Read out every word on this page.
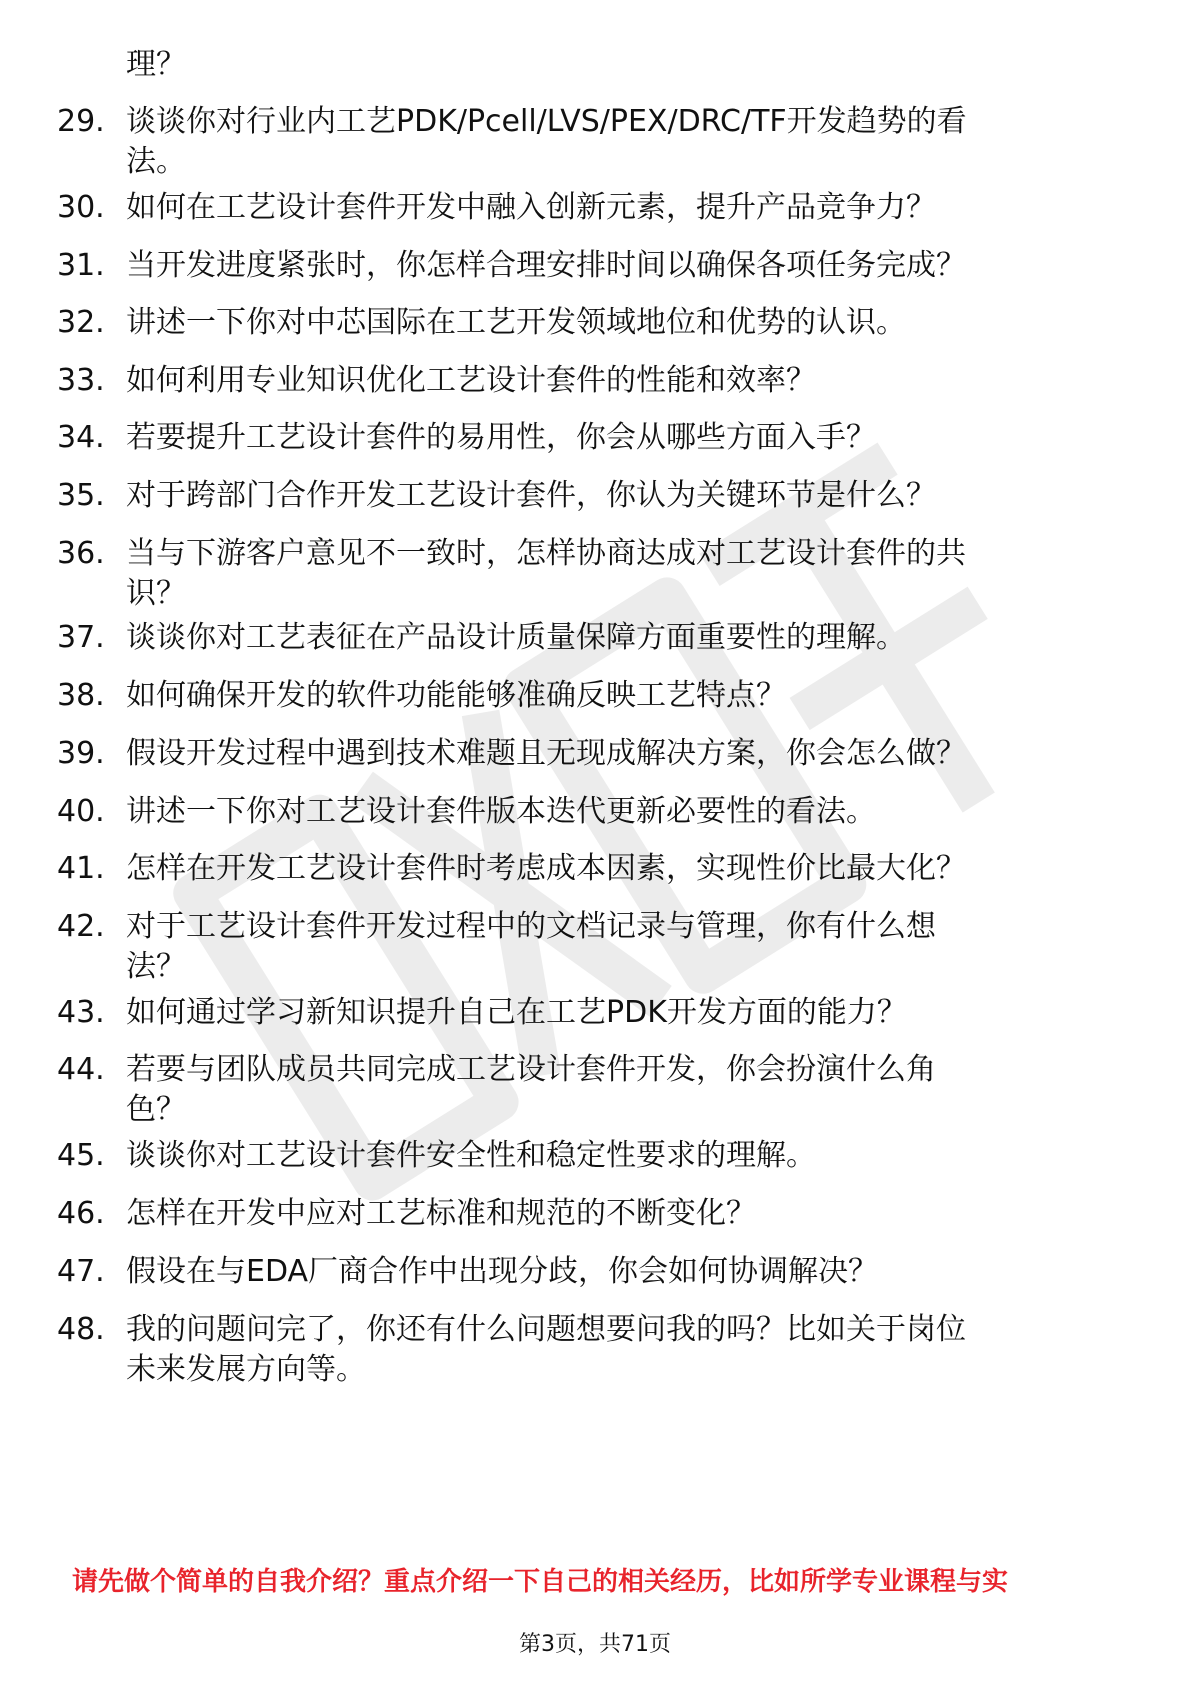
理？
29. 谈谈你对行业内工艺PDK/Pcell/LVS/PEX/DRC/TF开发趋势的看
法。
30. 如何在工艺设计套件开发中融入创新元素，提升产品竞争力？
31. 当开发进度紧张时，你怎样合理安排时间以确保各项任务完成？
32. 讲述一下你对中芯国际在工艺开发领域地位和优势的认识。
33. 如何利用专业知识优化工艺设计套件的性能和效率？
34. 若要提升工艺设计套件的易用性，你会从哪些方面入手？
35. 对于跨部门合作开发工艺设计套件，你认为关键环节是什么？
36. 当与下游客户意见不一致时，怎样协商达成对工艺设计套件的共
识？
37. 谈谈你对工艺表征在产品设计质量保障方面重要性的理解。
38. 如何确保开发的软件功能能够准确反映工艺特点？
39. 假设开发过程中遇到技术难题且无现成解决方案，你会怎么做？
40. 讲述一下你对工艺设计套件版本迭代更新必要性的看法。
41. 怎样在开发工艺设计套件时考虑成本因素，实现性价比最大化？
42. 对于工艺设计套件开发过程中的文档记录与管理，你有什么想
法？
43. 如何通过学习新知识提升自己在工艺PDK开发方面的能力？
44. 若要与团队成员共同完成工艺设计套件开发，你会扮演什么角
色？
45. 谈谈你对工艺设计套件安全性和稳定性要求的理解。
46. 怎样在开发中应对工艺标准和规范的不断变化？
47. 假设在与EDA厂商合作中出现分歧，你会如何协调解决？
48. 我的问题问完了，你还有什么问题想要问我的吗？比如关于岗位
未来发展方向等。
请先做个简单的自我介绍？重点介绍一下自己的相关经历，比如所学专业课程与实
第3页，共71页
